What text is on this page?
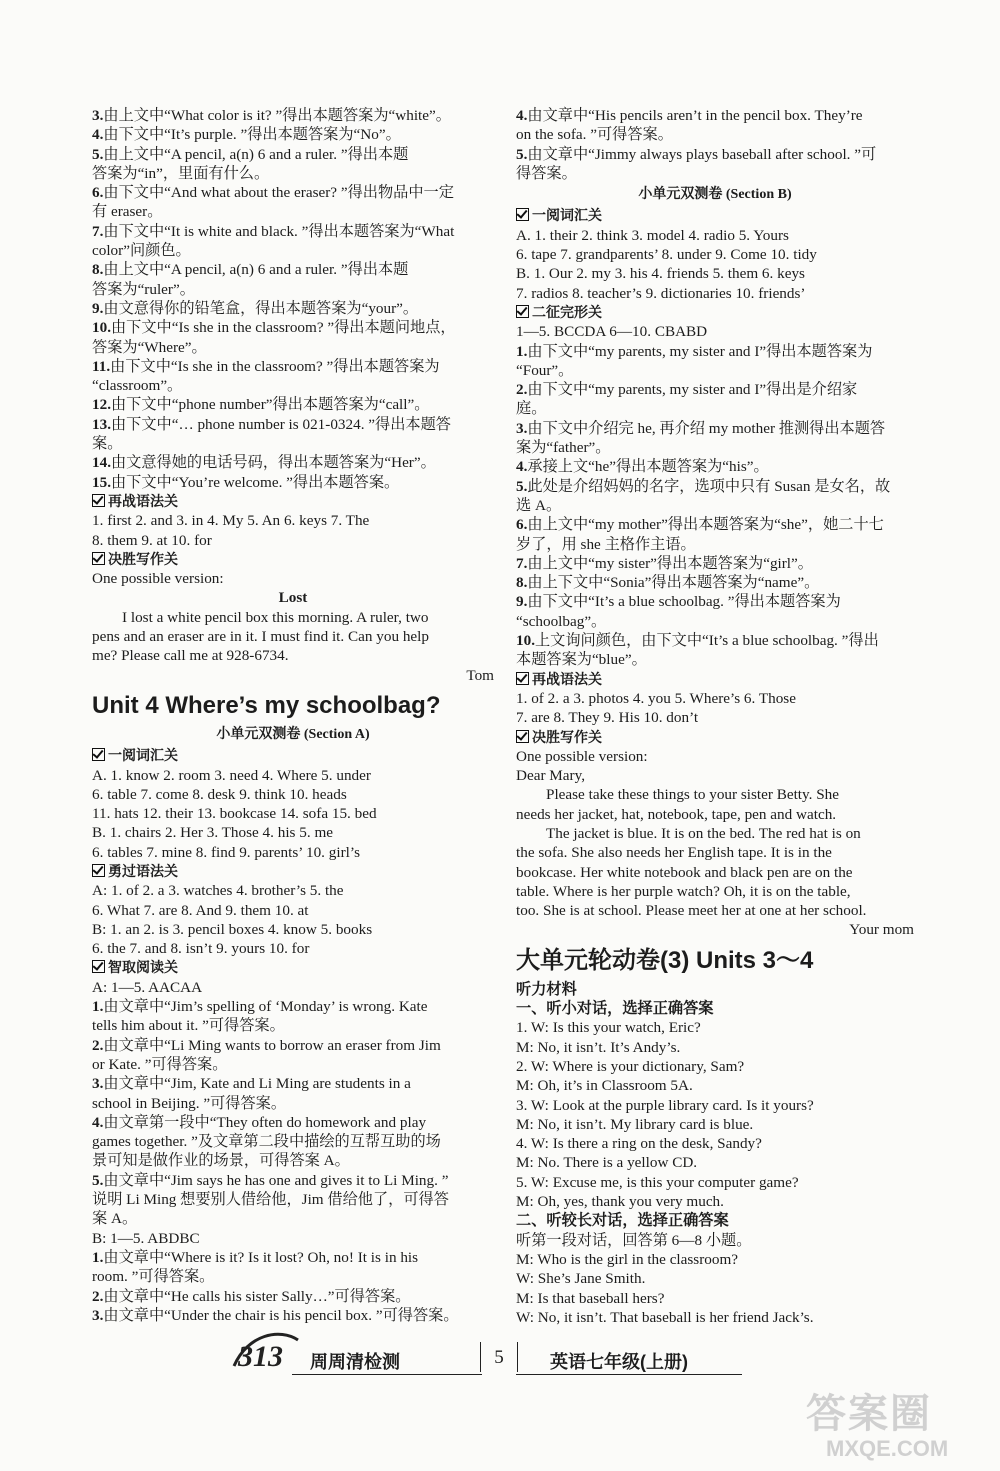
3.由上文中“What color is it? ”得出本题答案为“white”。
4.由下文中“It’s purple. ”得出本题答案为“No”。
5.由上文中“A pencil, a(n) 6 and a ruler. ”得出本题
答案为“in”，里面有什么。
6.由下文中“And what about the eraser? ”得出物品中一定
有 eraser。
7.由下文中“It is white and black. ”得出本题答案为“What
color”问颜色。
8.由上文中“A pencil, a(n) 6 and a ruler. ”得出本题
答案为“ruler”。
9.由文意得你的铅笔盒，得出本题答案为“your”。
10.由下文中“Is she in the classroom? ”得出本题问地点，
答案为“Where”。
11.由下文中“Is she in the classroom? ”得出本题答案为
“classroom”。
12.由下文中“phone number”得出本题答案为“call”。
13.由下文中“… phone number is 021-0324. ”得出本题答
案。
14.由文意得她的电话号码，得出本题答案为“Her”。
15.由下文中“You’re welcome. ”得出本题答案。
再战语法关
1. first 2. and 3. in 4. My 5. An 6. keys 7. The
8. them 9. at 10. for
决胜写作关
One possible version:
Lost
I lost a white pencil box this morning. A ruler, two
pens and an eraser are in it. I must find it. Can you help
me? Please call me at 928-6734.
Tom
Unit 4 Where’s my schoolbag?
小单元双测卷 (Section A)
一阅词汇关
A. 1. know 2. room 3. need 4. Where 5. under
6. table 7. come 8. desk 9. think 10. heads
11. hats 12. their 13. bookcase 14. sofa 15. bed
B. 1. chairs 2. Her 3. Those 4. his 5. me
6. tables 7. mine 8. find 9. parents’ 10. girl’s
勇过语法关
A: 1. of 2. a 3. watches 4. brother’s 5. the
6. What 7. are 8. And 9. them 10. at
B: 1. an 2. is 3. pencil boxes 4. know 5. books
6. the 7. and 8. isn’t 9. yours 10. for
智取阅读关
A: 1—5. AACAA
1.由文章中“Jim’s spelling of ‘Monday’ is wrong. Kate
tells him about it. ”可得答案。
2.由文章中“Li Ming wants to borrow an eraser from Jim
or Kate. ”可得答案。
3.由文章中“Jim, Kate and Li Ming are students in a
school in Beijing. ”可得答案。
4.由文章第一段中“They often do homework and play
games together. ”及文章第二段中描绘的互帮互助的场
景可知是做作业的场景，可得答案 A。
5.由文章中“Jim says he has one and gives it to Li Ming. ”
说明 Li Ming 想要别人借给他，Jim 借给他了，可得答
案 A。
B: 1—5. ABDBC
1.由文章中“Where is it? Is it lost? Oh, no! It is in his
room. ”可得答案。
2.由文章中“He calls his sister Sally…”可得答案。
3.由文章中“Under the chair is his pencil box. ”可得答案。
4.由文章中“His pencils aren’t in the pencil box. They’re
on the sofa. ”可得答案。
5.由文章中“Jimmy always plays baseball after school. ”可
得答案。
小单元双测卷 (Section B)
一阅词汇关
A. 1. their 2. think 3. model 4. radio 5. Yours
6. tape 7. grandparents’ 8. under 9. Come 10. tidy
B. 1. Our 2. my 3. his 4. friends 5. them 6. keys
7. radios 8. teacher’s 9. dictionaries 10. friends’
二征完形关
1—5. BCCDA 6—10. CBABD
1.由下文中“my parents, my sister and I”得出本题答案为
“Four”。
2.由下文中“my parents, my sister and I”得出是介绍家
庭。
3.由下文中介绍完 he, 再介绍 my mother 推测得出本题答
案为“father”。
4.承接上文“he”得出本题答案为“his”。
5.此处是介绍妈妈的名字，选项中只有 Susan 是女名，故
选 A。
6.由上文中“my mother”得出本题答案为“she”，她二十七
岁了，用 she 主格作主语。
7.由上文中“my sister”得出本题答案为“girl”。
8.由上下文中“Sonia”得出本题答案为“name”。
9.由下文中“It’s a blue schoolbag. ”得出本题答案为
“schoolbag”。
10.上文询问颜色，由下文中“It’s a blue schoolbag. ”得出
本题答案为“blue”。
再战语法关
1. of 2. a 3. photos 4. you 5. Where’s 6. Those
7. are 8. They 9. His 10. don’t
决胜写作关
One possible version:
Dear Mary,
Please take these things to your sister Betty. She
needs her jacket, hat, notebook, tape, pen and watch.
The jacket is blue. It is on the bed. The red hat is on
the sofa. She also needs her English tape. It is in the
bookcase. Her white notebook and black pen are on the
table. Where is her purple watch? Oh, it is on the table,
too. She is at school. Please meet her at one at her school.
Your mom
大单元轮动卷(3) Units 3～4
听力材料
一、听小对话，选择正确答案
1. W: Is this your watch, Eric?
M: No, it isn’t. It’s Andy’s.
2. W: Where is your dictionary, Sam?
M: Oh, it’s in Classroom 5A.
3. W: Look at the purple library card. Is it yours?
M: No, it isn’t. My library card is blue.
4. W: Is there a ring on the desk, Sandy?
M: No. There is a yellow CD.
5. W: Excuse me, is this your computer game?
M: Oh, yes, thank you very much.
二、听较长对话，选择正确答案
听第一段对话，回答第 6—8 小题。
M: Who is the girl in the classroom?
W: She’s Jane Smith.
M: Is that baseball hers?
W: No, it isn’t. That baseball is her friend Jack’s.
313 周周清检测	5	英语七年级(上册)
答案圈
MXQE.COM
